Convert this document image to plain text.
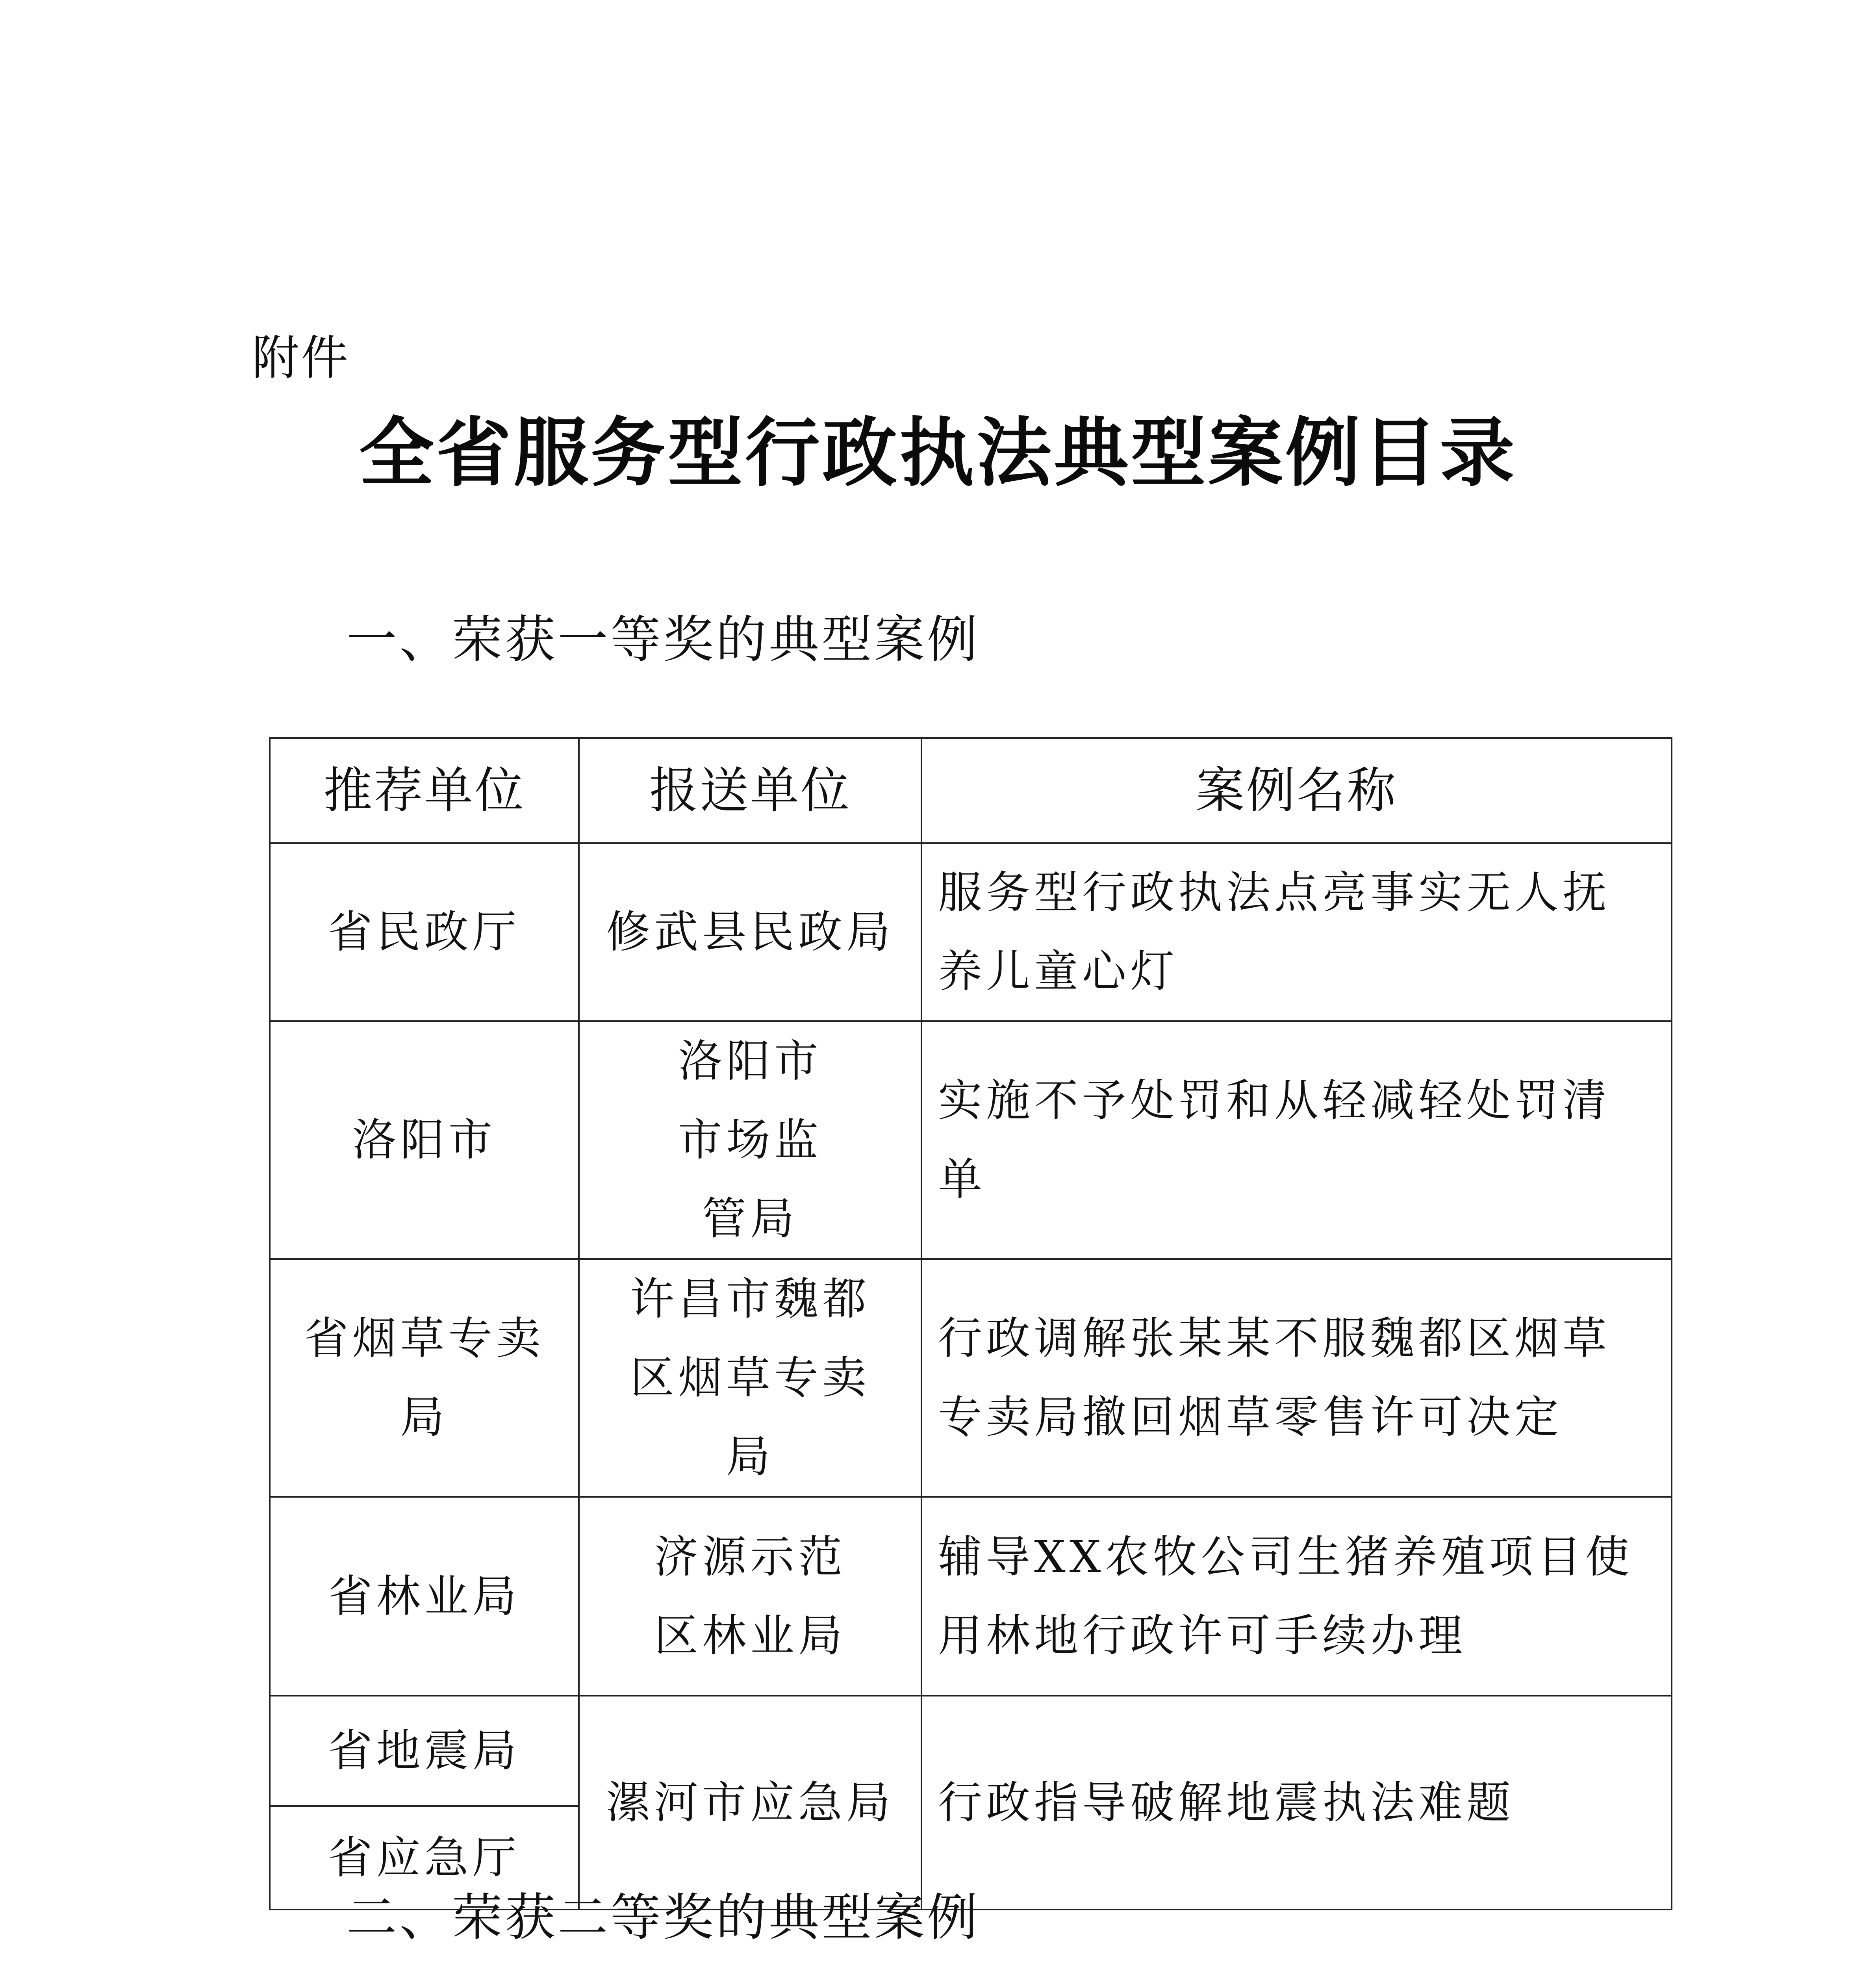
附件
全省服务型行政执法典型案例目录
一、荣获一等奖的典型案例
推荐单位	报送单位	案例名称
省民政厅	修武县民政局	服务型行政执法点亮事实无人抚养儿童心灯
洛阳市	洛阳市市场监管局	实施不予处罚和从轻减轻处罚清单
省烟草专卖局	许昌市魏都区烟草专卖局	行政调解张某某不服魏都区烟草专卖局撤回烟草零售许可决定
省林业局	济源示范区林业局	辅导XX农牧公司生猪养殖项目使用林地行政许可手续办理
省地震局	漯河市应急局	行政指导破解地震执法难题
省应急厅		
二、荣获二等奖的典型案例
